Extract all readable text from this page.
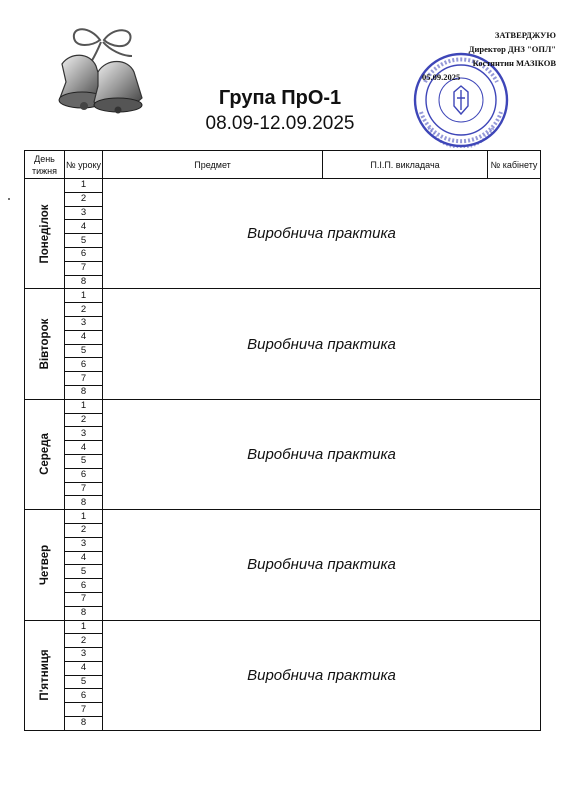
ЗАТВЕРДЖУЮ
Директор ДНЗ "ОПЛ"
Костянтин МАЗІКОВ
05.09.2025
Група ПрО-1
08.09-12.09.2025
День тижня	№ уроку	Предмет	П.І.П. викладача	№ кабінету

Понеділок	1	Виробнича практика		
	2			
	3			
	4			
	5			
	6			
	7			
	8			

Вівторок	1	Виробнича практика		
	2			
	3			
	4			
	5			
	6			
	7			
	8			

Середа	1	Виробнича практика		
	2			
	3			
	4			
	5			
	6			
	7			
	8			

Четвер	1	Виробнича практика		
	2			
	3			
	4			
	5			
	6			
	7			
	8			

П'ятниця	1	Виробнича практика		
	2			
	3			
	4			
	5			
	6			
	7			
	8			
